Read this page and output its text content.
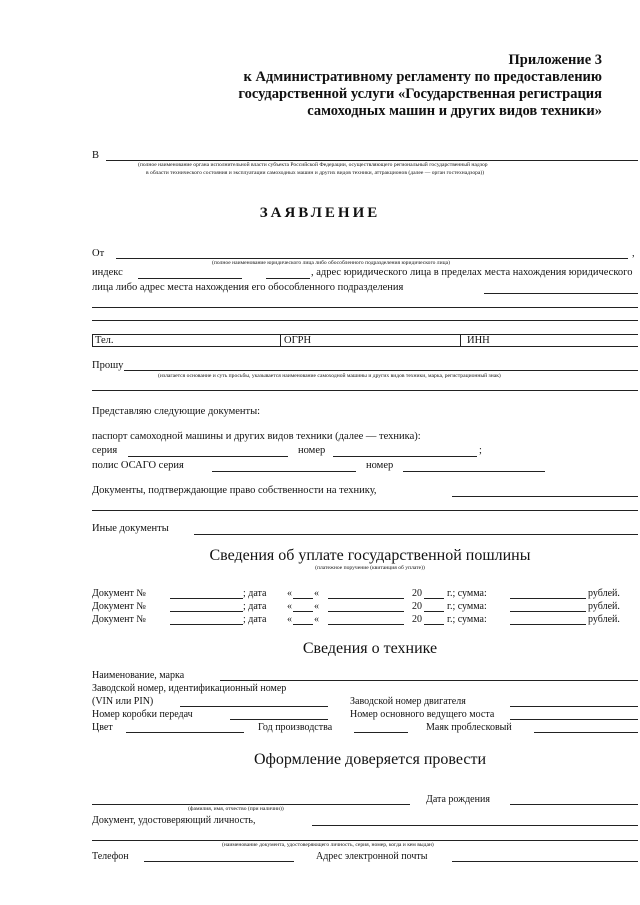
Приложение 3
к Административному регламенту по предоставлению
государственной услуги «Государственная регистрация
самоходных машин и других видов техники»
В
(полное наименование органа исполнительной власти субъекта Российской Федерации, осуществляющего региональный государственный надзор
в области технического состояния и эксплуатации самоходных машин и других видов техники, аттракционов (далее — орган гостехнадзора))
ЗАЯВЛЕНИЕ
От	,
(полное наименование юридического лица либо обособленного подразделения юридического лица)
индекс	, адрес юридического лица в пределах места нахождения юридического
лица либо адрес места нахождения его обособленного подразделения
Тел.	ОГРН	ИНН
Прошу
(излагается основание и суть просьбы, указывается наименование самоходной машины и других видов техники, марка, регистрационный знак)
Представляю следующие документы:
паспорт самоходной машины и других видов техники (далее — техника):
серия	номер	;
полис ОСАГО серия	номер
Документы, подтверждающие право собственности на технику,
Иные документы
Сведения об уплате государственной пошлины
(платежное поручение (квитанция об уплате))
Документ №	; дата « «	20	г.; сумма:	рублей.
Документ №	; дата « «	20	г.; сумма:	рублей.
Документ №	; дата « «	20	г.; сумма:	рублей.
Сведения о технике
Наименование, марка
Заводской номер, идентификационный номер
(VIN или PIN)	Заводской номер двигателя
Номер коробки передач	Номер основного ведущего моста
Цвет	Год производства	Маяк проблесковый
Оформление доверяется провести
(фамилия, имя, отчество (при наличии))
Дата рождения
Документ, удостоверяющий личность,
(наименование документа, удостоверяющего личность, серия, номер, когда и кем выдан)
Телефон	Адрес электронной почты
